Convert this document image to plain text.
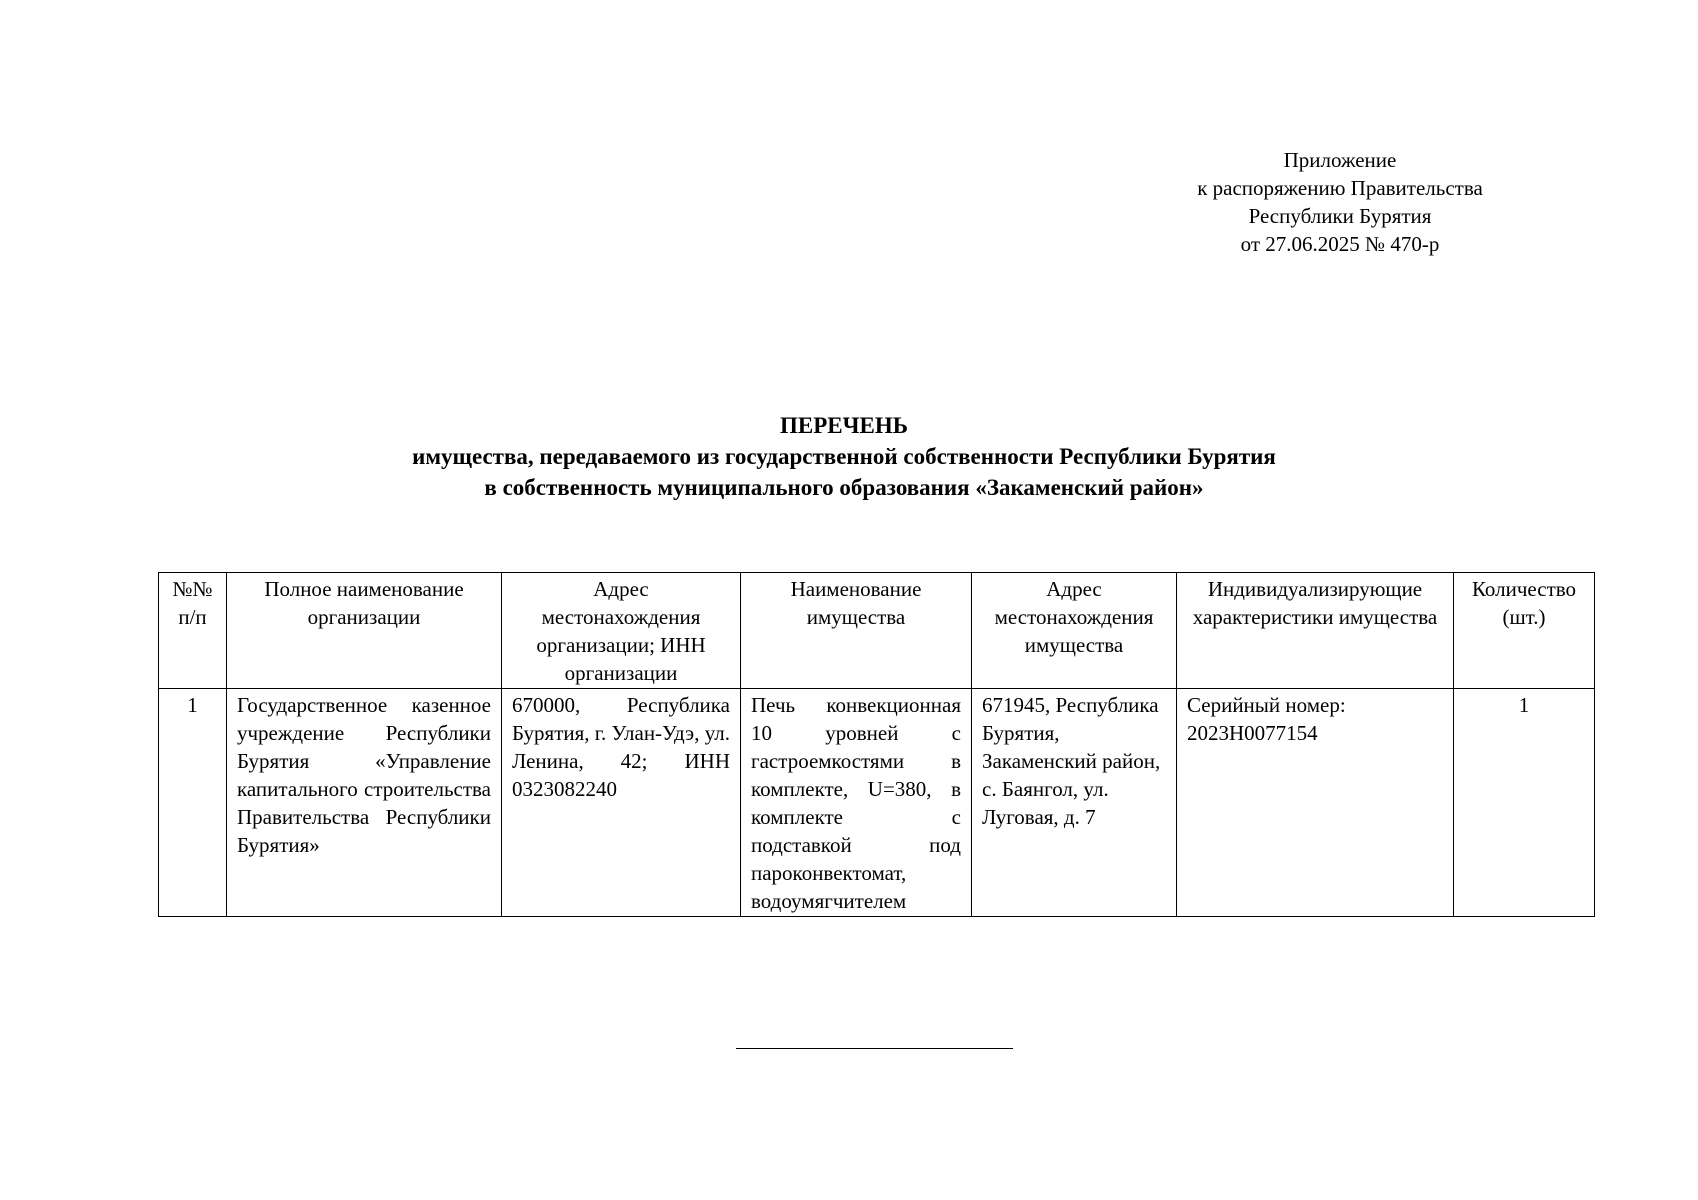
Приложение
к распоряжению Правительства
Республики Бурятия
от 27.06.2025 № 470-р
ПЕРЕЧЕНЬ
имущества, передаваемого из государственной собственности Республики Бурятия
в собственность муниципального образования «Закаменский район»
№№ п/п	Полное наименование организации	Адрес местонахождения организации; ИНН организации	Наименование имущества	Адрес местонахождения имущества	Индивидуализирующие характеристики имущества	Количество (шт.)
1	Государственное казенное учреждение Республики Бурятия «Управление капитального строительства Правительства Республики Бурятия»	670000, Республика Бурятия, г. Улан-Удэ, ул. Ленина, 42; ИНН 0323082240	Печь конвекционная 10 уровней с гастроемкостями в комплекте, U=380, в комплекте с подставкой под пароконвектомат, водоумягчителем	671945, Республика Бурятия, Закаменский район, с. Баянгол, ул. Луговая, д. 7	Серийный номер: 2023H0077154	1
